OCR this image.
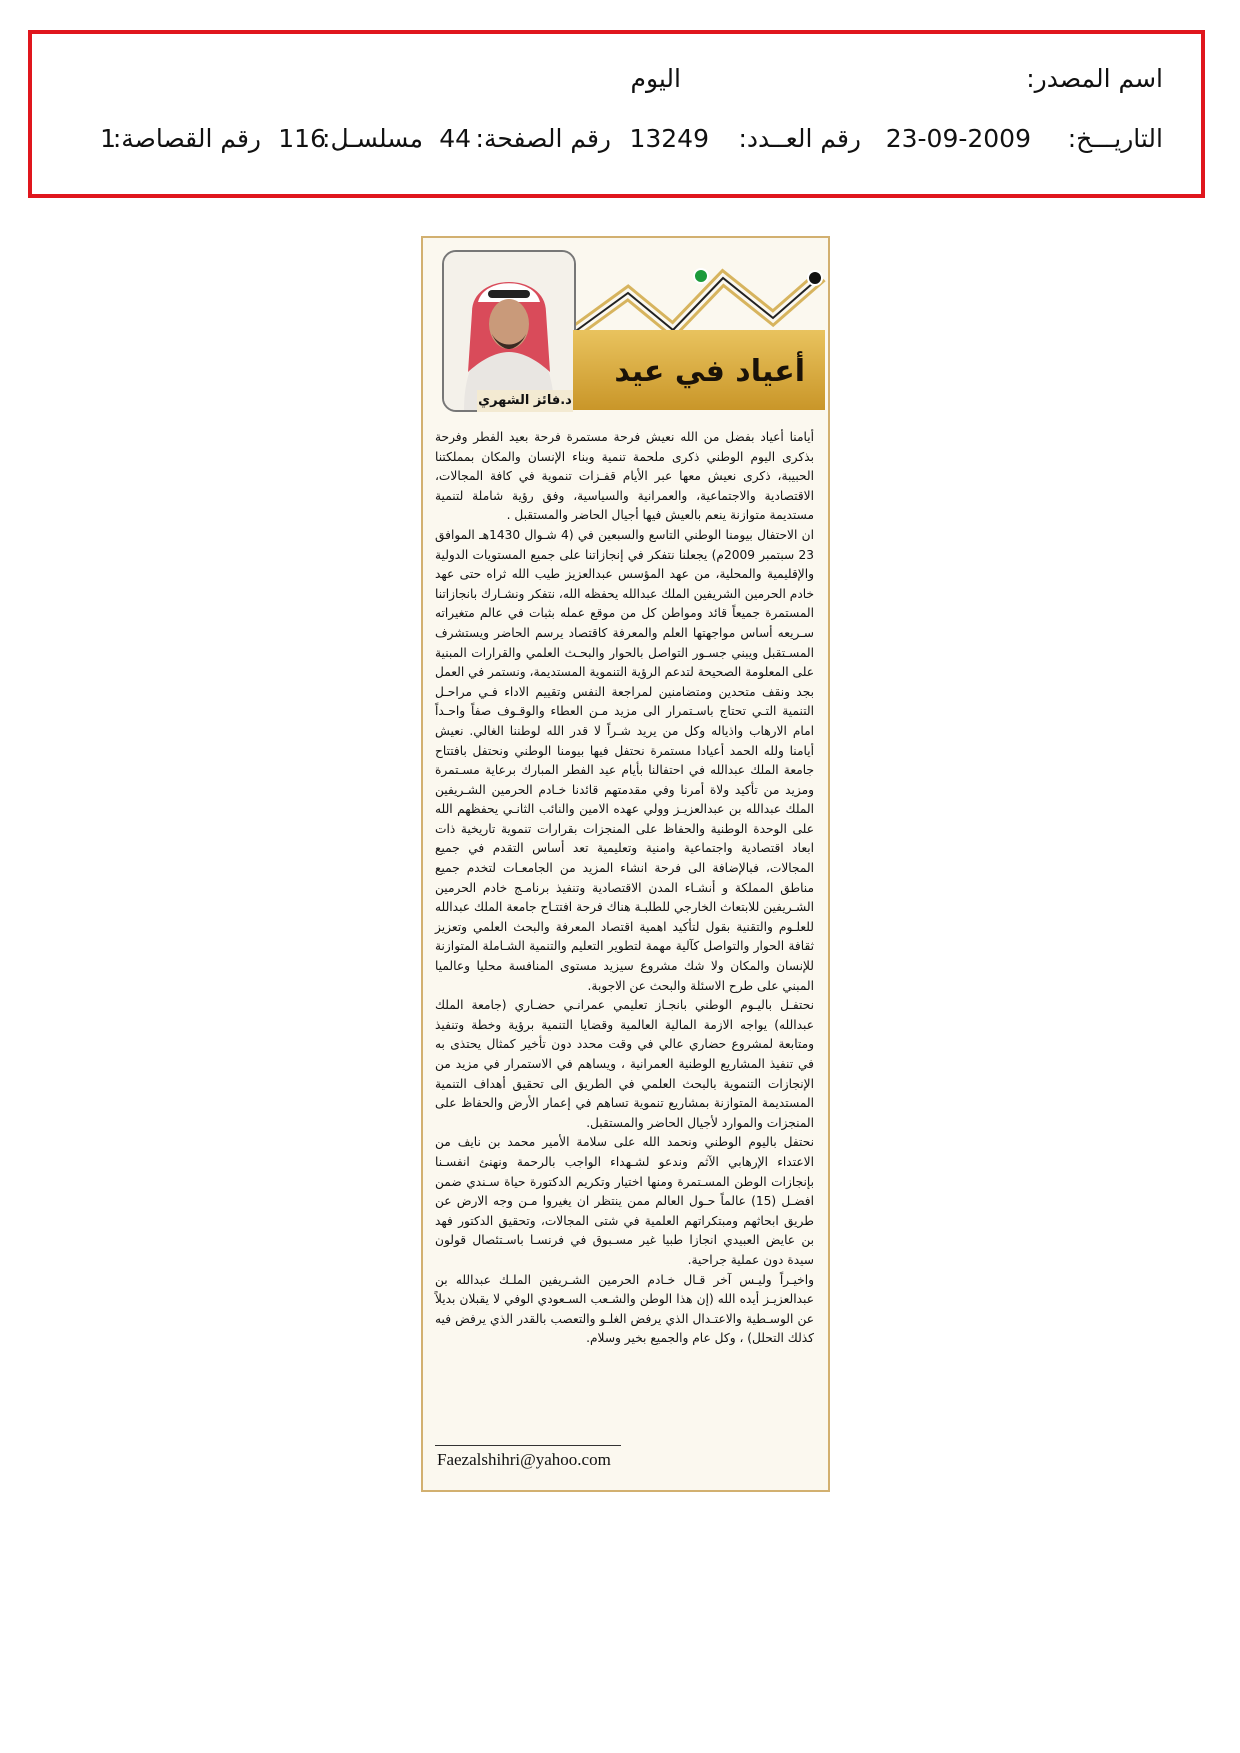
اسم المصدر:
اليوم
التاريـــخ:
23-09-2009
رقم العــدد:
13249
رقم الصفحة:
44
مسلسـل:
116
رقم القصاصة:
1
د.فائز الشهري
أعياد في عيد

أيامنا أعياد بفضل من الله نعيش فرحة مستمرة فرحة بعيد الفطر وفرحة بذكرى اليوم الوطني ذكرى ملحمة تنمية وبناء الإنسان والمكان بمملكتنا الحبيبة، ذكرى نعيش معها عبر الأيام قفـزات تنموية في كافة المجالات، الاقتصادية والاجتماعية، والعمرانية والسياسية، وفق رؤية شاملة لتنمية مستديمة متوازنة ينعم بالعيش فيها أجيال الحاضر والمستقبل .

ان الاحتفال بيومنا الوطني التاسع والسبعين في (4 شـوال 1430هـ الموافق 23 سبتمبر 2009م) يجعلنا نتفكر في إنجازاتنا على جميع المستويات الدولية والإقليمية والمحلية، من عهد المؤسس عبدالعزيز طيب الله ثراه حتى عهد خادم الحرمين الشريفين الملك عبدالله يحفظه الله، نتفكر ونشـارك بانجازاتنا المستمرة جميعاً قائد ومواطن كل من موقع عمله بثبات في عالم متغيراته سـريعه أساس مواجهتها العلم والمعرفة كاقتصاد يرسم الحاضر ويستشرف المسـتقبل ويبني جسـور التواصل بالحوار والبحـث العلمي والقرارات المبنية على المعلومة الصحيحة لتدعم الرؤية التنموية المستديمة، ونستمر في العمل بجد ونقف متحدين ومتضامنين لمراجعة النفس وتقييم الاداء فـي مراحـل التنمية التـي تحتاج باسـتمرار الى مزيد مـن العطاء والوقـوف صفاً واحـداً امام الارهاب واذياله وكل من يريد شـراً لا قدر الله لوطننا الغالي. نعيش أيامنا ولله الحمد أعيادا مستمرة نحتفل فيها بيومنا الوطني ونحتفل بافتتاح جامعة الملك عبدالله في احتفالنا بأيام عيد الفطر المبارك برعاية مسـتمرة ومزيد من تأكيد ولاة أمرنا وفي مقدمتهم قائدنا خـادم الحرمين الشـريفين الملك عبدالله بن عبدالعزيـز وولي عهده الامين والنائب الثانـي يحفظهم الله على الوحدة الوطنية والحفاظ على المنجزات بقرارات تنموية تاريخية ذات ابعاد اقتصادية واجتماعية وامنية وتعليمية تعد أساس التقدم في جميع المجالات، فبالإضافة الى فرحة انشاء المزيد من الجامعـات لتخدم جميع مناطق المملكة و أنشـاء المدن الاقتصادية وتنفيذ برنامـج خادم الحرمين الشـريفين للابتعاث الخارجي للطلبـة هناك فرحة افتتـاح جامعة الملك عبدالله للعلـوم والتقنية بقول لتأكيد اهمية اقتصاد المعرفة والبحث العلمي وتعزيز ثقافة الحوار والتواصل كآلية مهمة لتطوير التعليم والتنمية الشـاملة المتوازنة للإنسان والمكان ولا شك مشروع سيزيد مستوى المنافسة محليا وعالميا المبني على طرح الاسئلة والبحث عن الاجوبة.

نحتفـل باليـوم الوطني بانجـاز تعليمي عمرانـي حضـاري (جامعة الملك عبدالله) يواجه الازمة المالية العالمية وقضايا التنمية برؤية وخطة وتنفيذ ومتابعة لمشروع حضاري عالي في وقت محدد دون تأخير كمثال يحتذى به في تنفيذ المشاريع الوطنية العمرانية ، ويساهم في الاستمرار في مزيد من الإنجازات التنموية بالبحث العلمي في الطريق الى تحقيق أهداف التنمية المستديمة المتوازنة بمشاريع تنموية تساهم في إعمار الأرض والحفاظ على المنجزات والموارد لأجيال الحاضر والمستقبل.

نحتفل باليوم الوطني ونحمد الله على سلامة الأمير محمد بن نايف من الاعتداء الإرهابي الآثم وندعو لشـهداء الواجب بالرحمة ونهنئ انفسـنا بإنجازات الوطن المسـتمرة ومنها اختيار وتكريم الدكتورة حياة سـندي ضمن افضـل (15) عالماً حـول العالم ممن ينتظر ان يغيروا مـن وجه الارض عن طريق ابحاثهم ومبتكراتهم العلمية في شتى المجالات، وتحقيق الدكتور فهد بن عايض العبيدي انجازا طبيا غير مسـبوق في فرنسـا باسـتئصال قولون سيدة دون عملية جراحية.

واخيـراً وليـس آخر قـال خـادم الحرمين الشـريفين الملـك عبدالله بن عبدالعزيـز أيده الله (إن هذا الوطن والشـعب السـعودي الوفي لا يقبلان بديلاً عن الوسـطية والاعتـدال الذي يرفض الغلـو والتعصب بالقدر الذي يرفض فيه كذلك التحلل) ، وكل عام والجميع بخير وسلام.

Faezalshihri@yahoo.com
